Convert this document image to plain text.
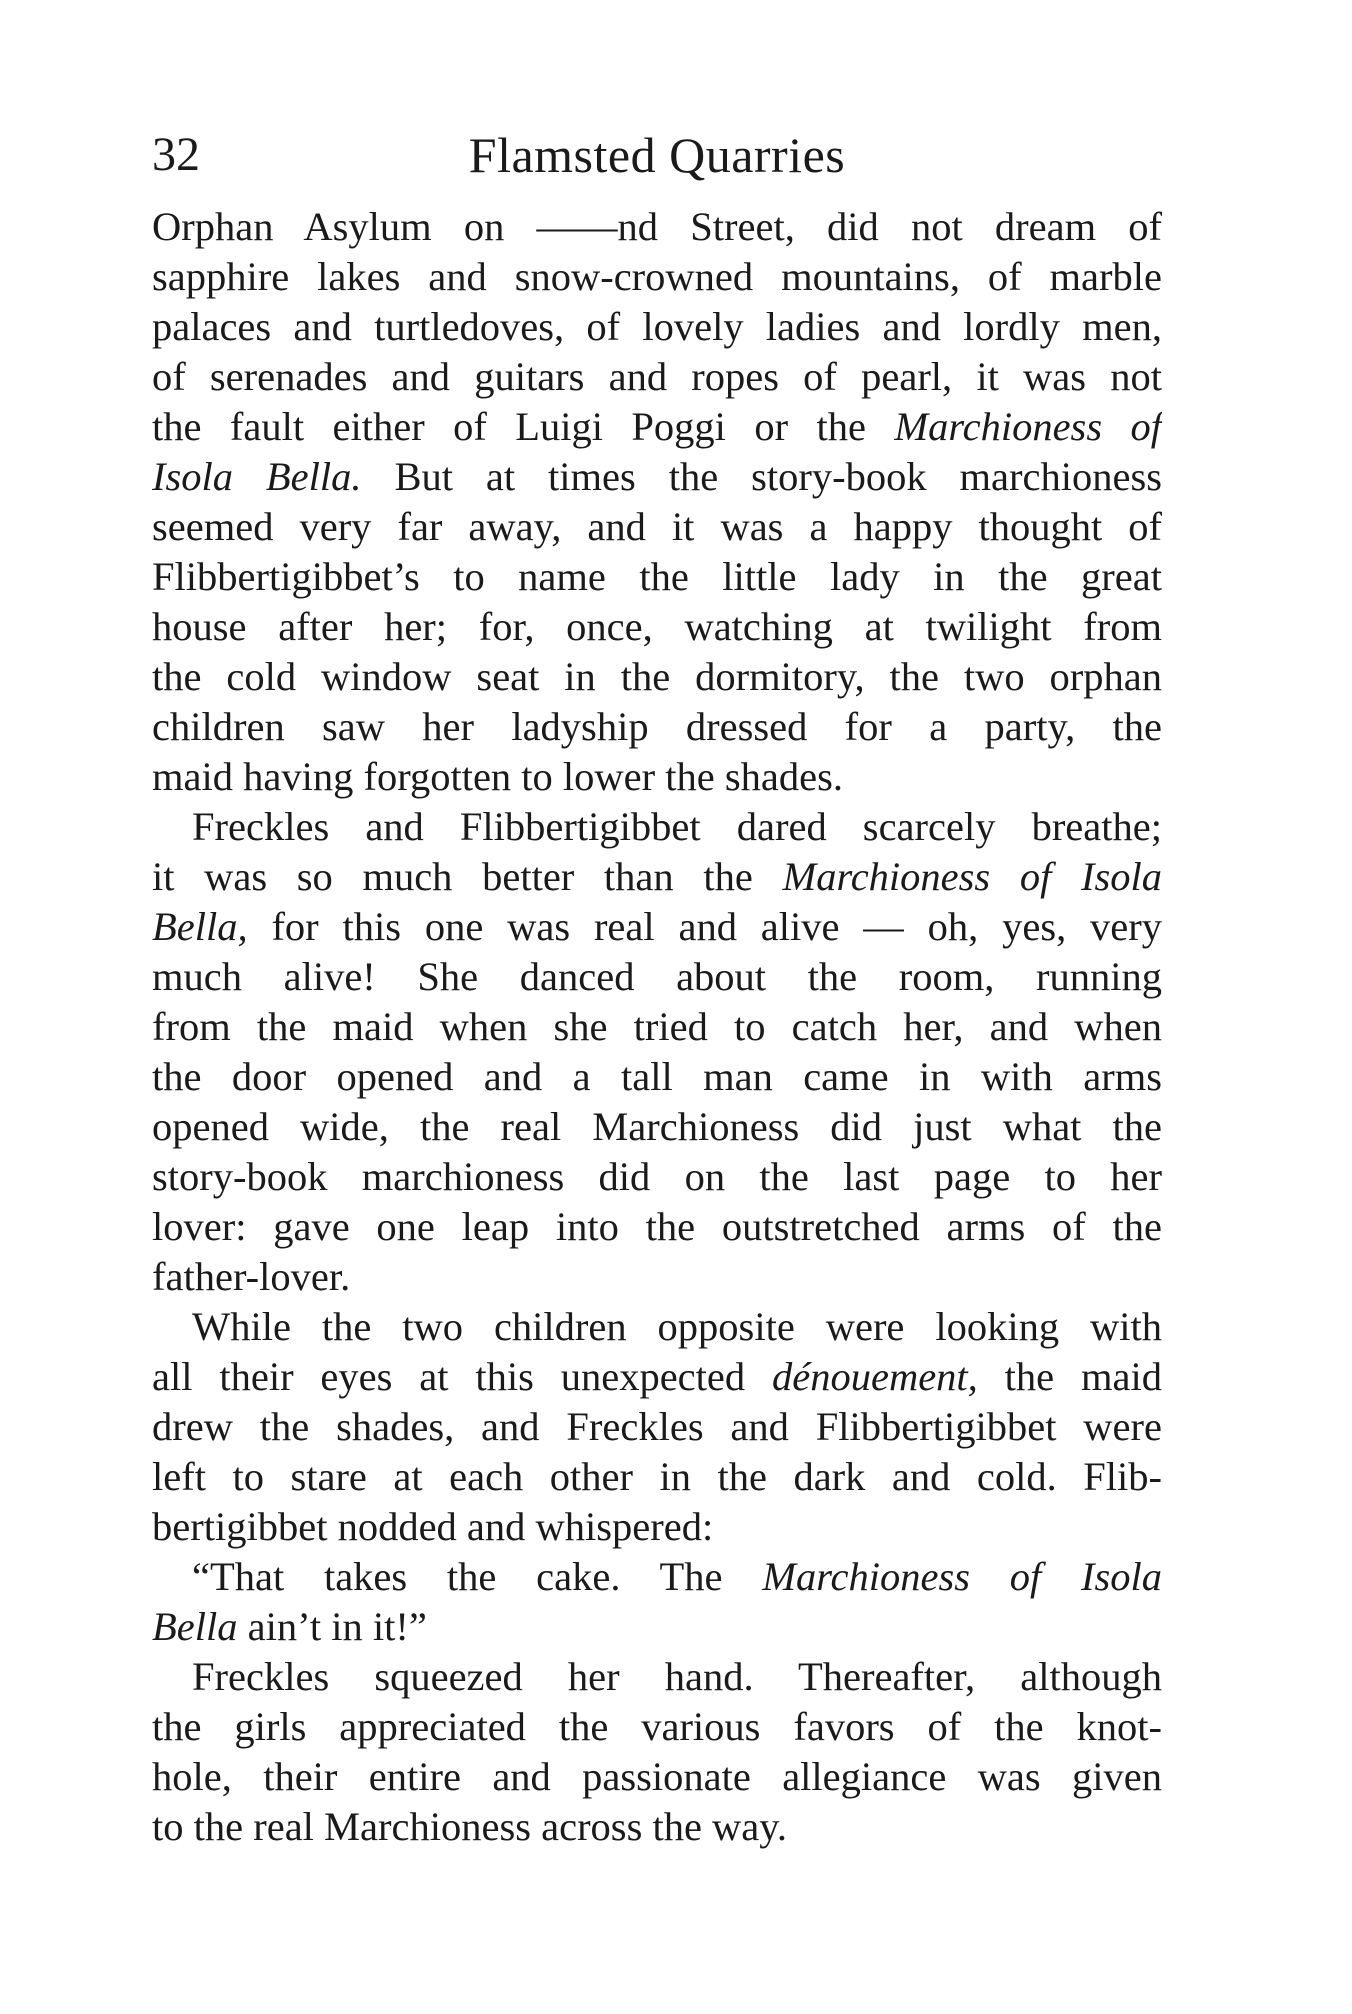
32	Flamsted Quarries
Orphan Asylum on ——nd Street, did not dream of
sapphire lakes and snow-crowned mountains, of marble
palaces and turtledoves, of lovely ladies and lordly men,
of serenades and guitars and ropes of pearl, it was not
the fault either of Luigi Poggi or the Marchioness of
Isola Bella. But at times the story-book marchioness
seemed very far away, and it was a happy thought of
Flibbertigibbet’s to name the little lady in the great
house after her; for, once, watching at twilight from
the cold window seat in the dormitory, the two orphan
children saw her ladyship dressed for a party, the
maid having forgotten to lower the shades.
Freckles and Flibbertigibbet dared scarcely breathe;
it was so much better than the Marchioness of Isola
Bella, for this one was real and alive — oh, yes, very
much alive! She danced about the room, running
from the maid when she tried to catch her, and when
the door opened and a tall man came in with arms
opened wide, the real Marchioness did just what the
story-book marchioness did on the last page to her
lover: gave one leap into the outstretched arms of the
father-lover.
While the two children opposite were looking with
all their eyes at this unexpected dénouement, the maid
drew the shades, and Freckles and Flibbertigibbet were
left to stare at each other in the dark and cold. Flib-
bertigibbet nodded and whispered:
“That takes the cake. The Marchioness of Isola
Bella ain’t in it!”
Freckles squeezed her hand. Thereafter, although
the girls appreciated the various favors of the knot-
hole, their entire and passionate allegiance was given
to the real Marchioness across the way.
